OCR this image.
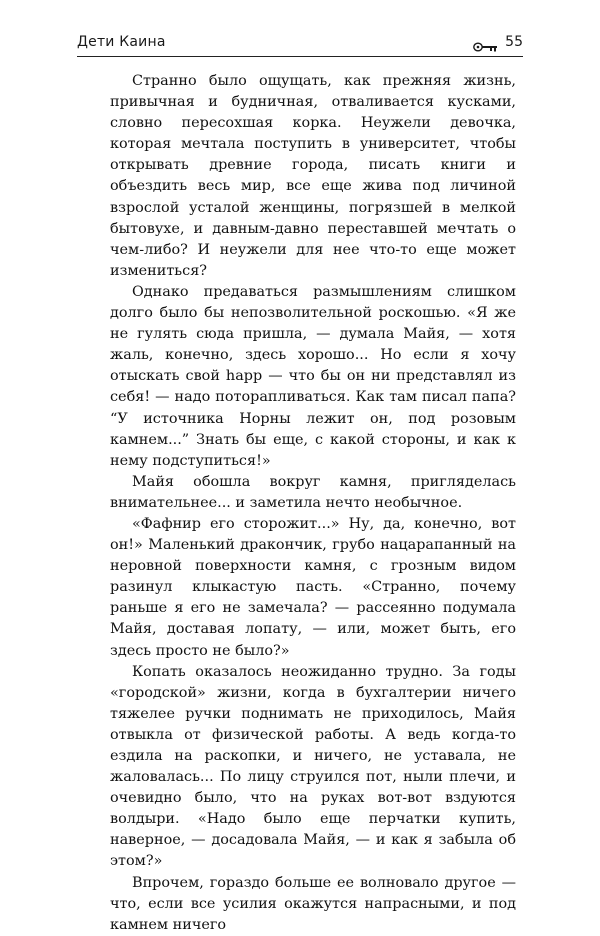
Дети Каина	55

Странно было ощущать, как прежняя жизнь, привычная и будничная, отваливается кусками, словно пересохшая корка. Неужели девочка, которая мечтала поступить в университет, чтобы открывать древние города, писать книги и объездить весь мир, все еще жива под личиной взрослой усталой женщины, погрязшей в мелкой бытовухе, и давным-давно переставшей мечтать о чем-либо? И неужели для нее что-то еще может измениться?

Однако предаваться размышлениям слишком долго было бы непозволительной роскошью. «Я же не гулять сюда пришла, — думала Майя, — хотя жаль, конечно, здесь хорошо... Но если я хочу отыскать свой happ — что бы он ни представлял из себя! — надо поторапливаться. Как там писал папа? “У источника Норны лежит он, под розовым камнем...” Знать бы еще, с какой стороны, и как к нему подступиться!»

Майя обошла вокруг камня, пригляделась внимательнее... и заметила нечто необычное.

«Фафнир его сторожит...» Ну, да, конечно, вот он!» Маленький дракончик, грубо нацарапанный на неровной поверхности камня, с грозным видом разинул клыкастую пасть. «Странно, почему раньше я его не замечала? — рассеянно подумала Майя, доставая лопату, — или, может быть, его здесь просто не было?»

Копать оказалось неожиданно трудно. За годы «городской» жизни, когда в бухгалтерии ничего тяжелее ручки поднимать не приходилось, Майя отвыкла от физической работы. А ведь когда-то ездила на раскопки, и ничего, не уставала, не жаловалась... По лицу струился пот, ныли плечи, и очевидно было, что на руках вот-вот вздуются волдыри. «Надо было еще перчатки купить, наверное, — досадовала Майя, — и как я забыла об этом?»

Впрочем, гораздо больше ее волновало другое — что, если все усилия окажутся напрасными, и под камнем ничего
